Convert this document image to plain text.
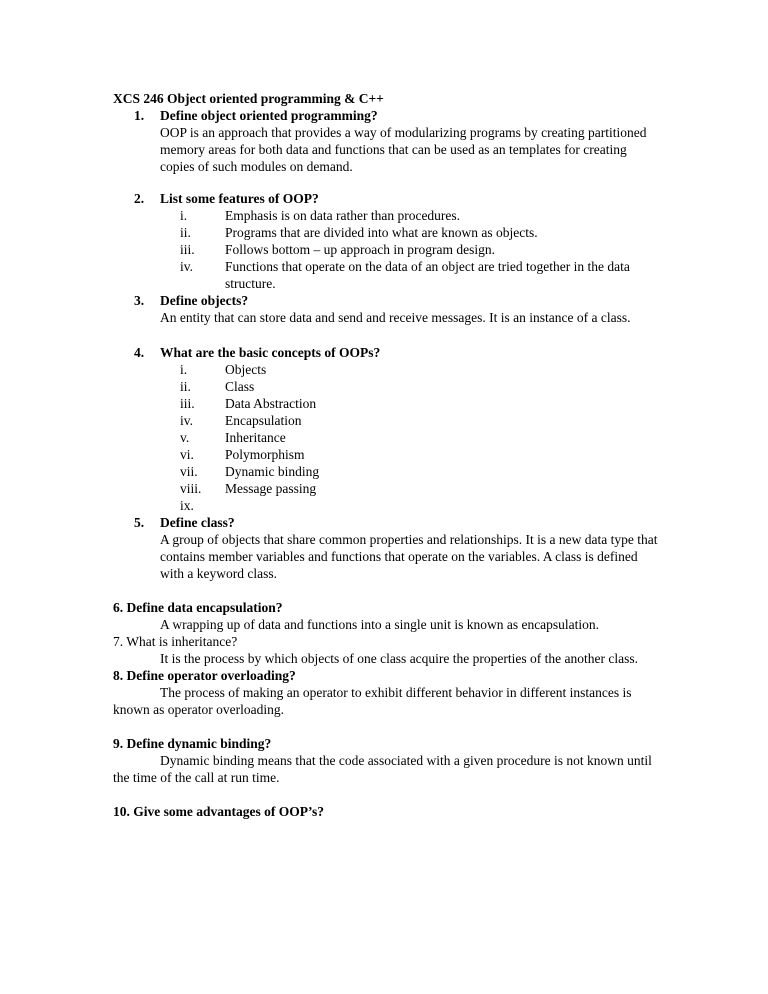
XCS 246 Object oriented programming & C++
1.	Define object oriented programming?
OOP is an approach that provides a way of modularizing programs by creating partitioned memory areas for both data and functions that can be used as an templates for creating copies of such modules on demand.
2.	List some features of OOP?
i.	Emphasis is on data rather than procedures.
ii.	Programs that are divided into what are known as objects.
iii.	Follows bottom – up approach in program design.
iv.	Functions that operate on the data of an object are tried together in the data structure.
3.	Define objects?
An entity that can store data and send and receive messages. It is an instance of a class.
4.	What are the basic concepts of OOPs?
i.	Objects
ii.	Class
iii.	Data Abstraction
iv.	Encapsulation
v.	Inheritance
vi.	Polymorphism
vii.	Dynamic binding
viii.	Message passing
ix.
5.	Define class?
A group of objects that share common properties and relationships. It is a new data type that contains member variables and functions that operate on the variables. A class is defined with a keyword class.
6. Define data encapsulation?
A wrapping up of data and functions into a single unit is known as encapsulation.
7. What is inheritance?
It is the process by which objects of one class acquire the properties of the another class.
8. Define operator overloading?
The process of making an operator to exhibit different behavior in different instances is known as operator overloading.
9. Define dynamic binding?
Dynamic binding means that the code associated with a given procedure is not known until the time of the call at run time.
10. Give some advantages of OOP’s?
